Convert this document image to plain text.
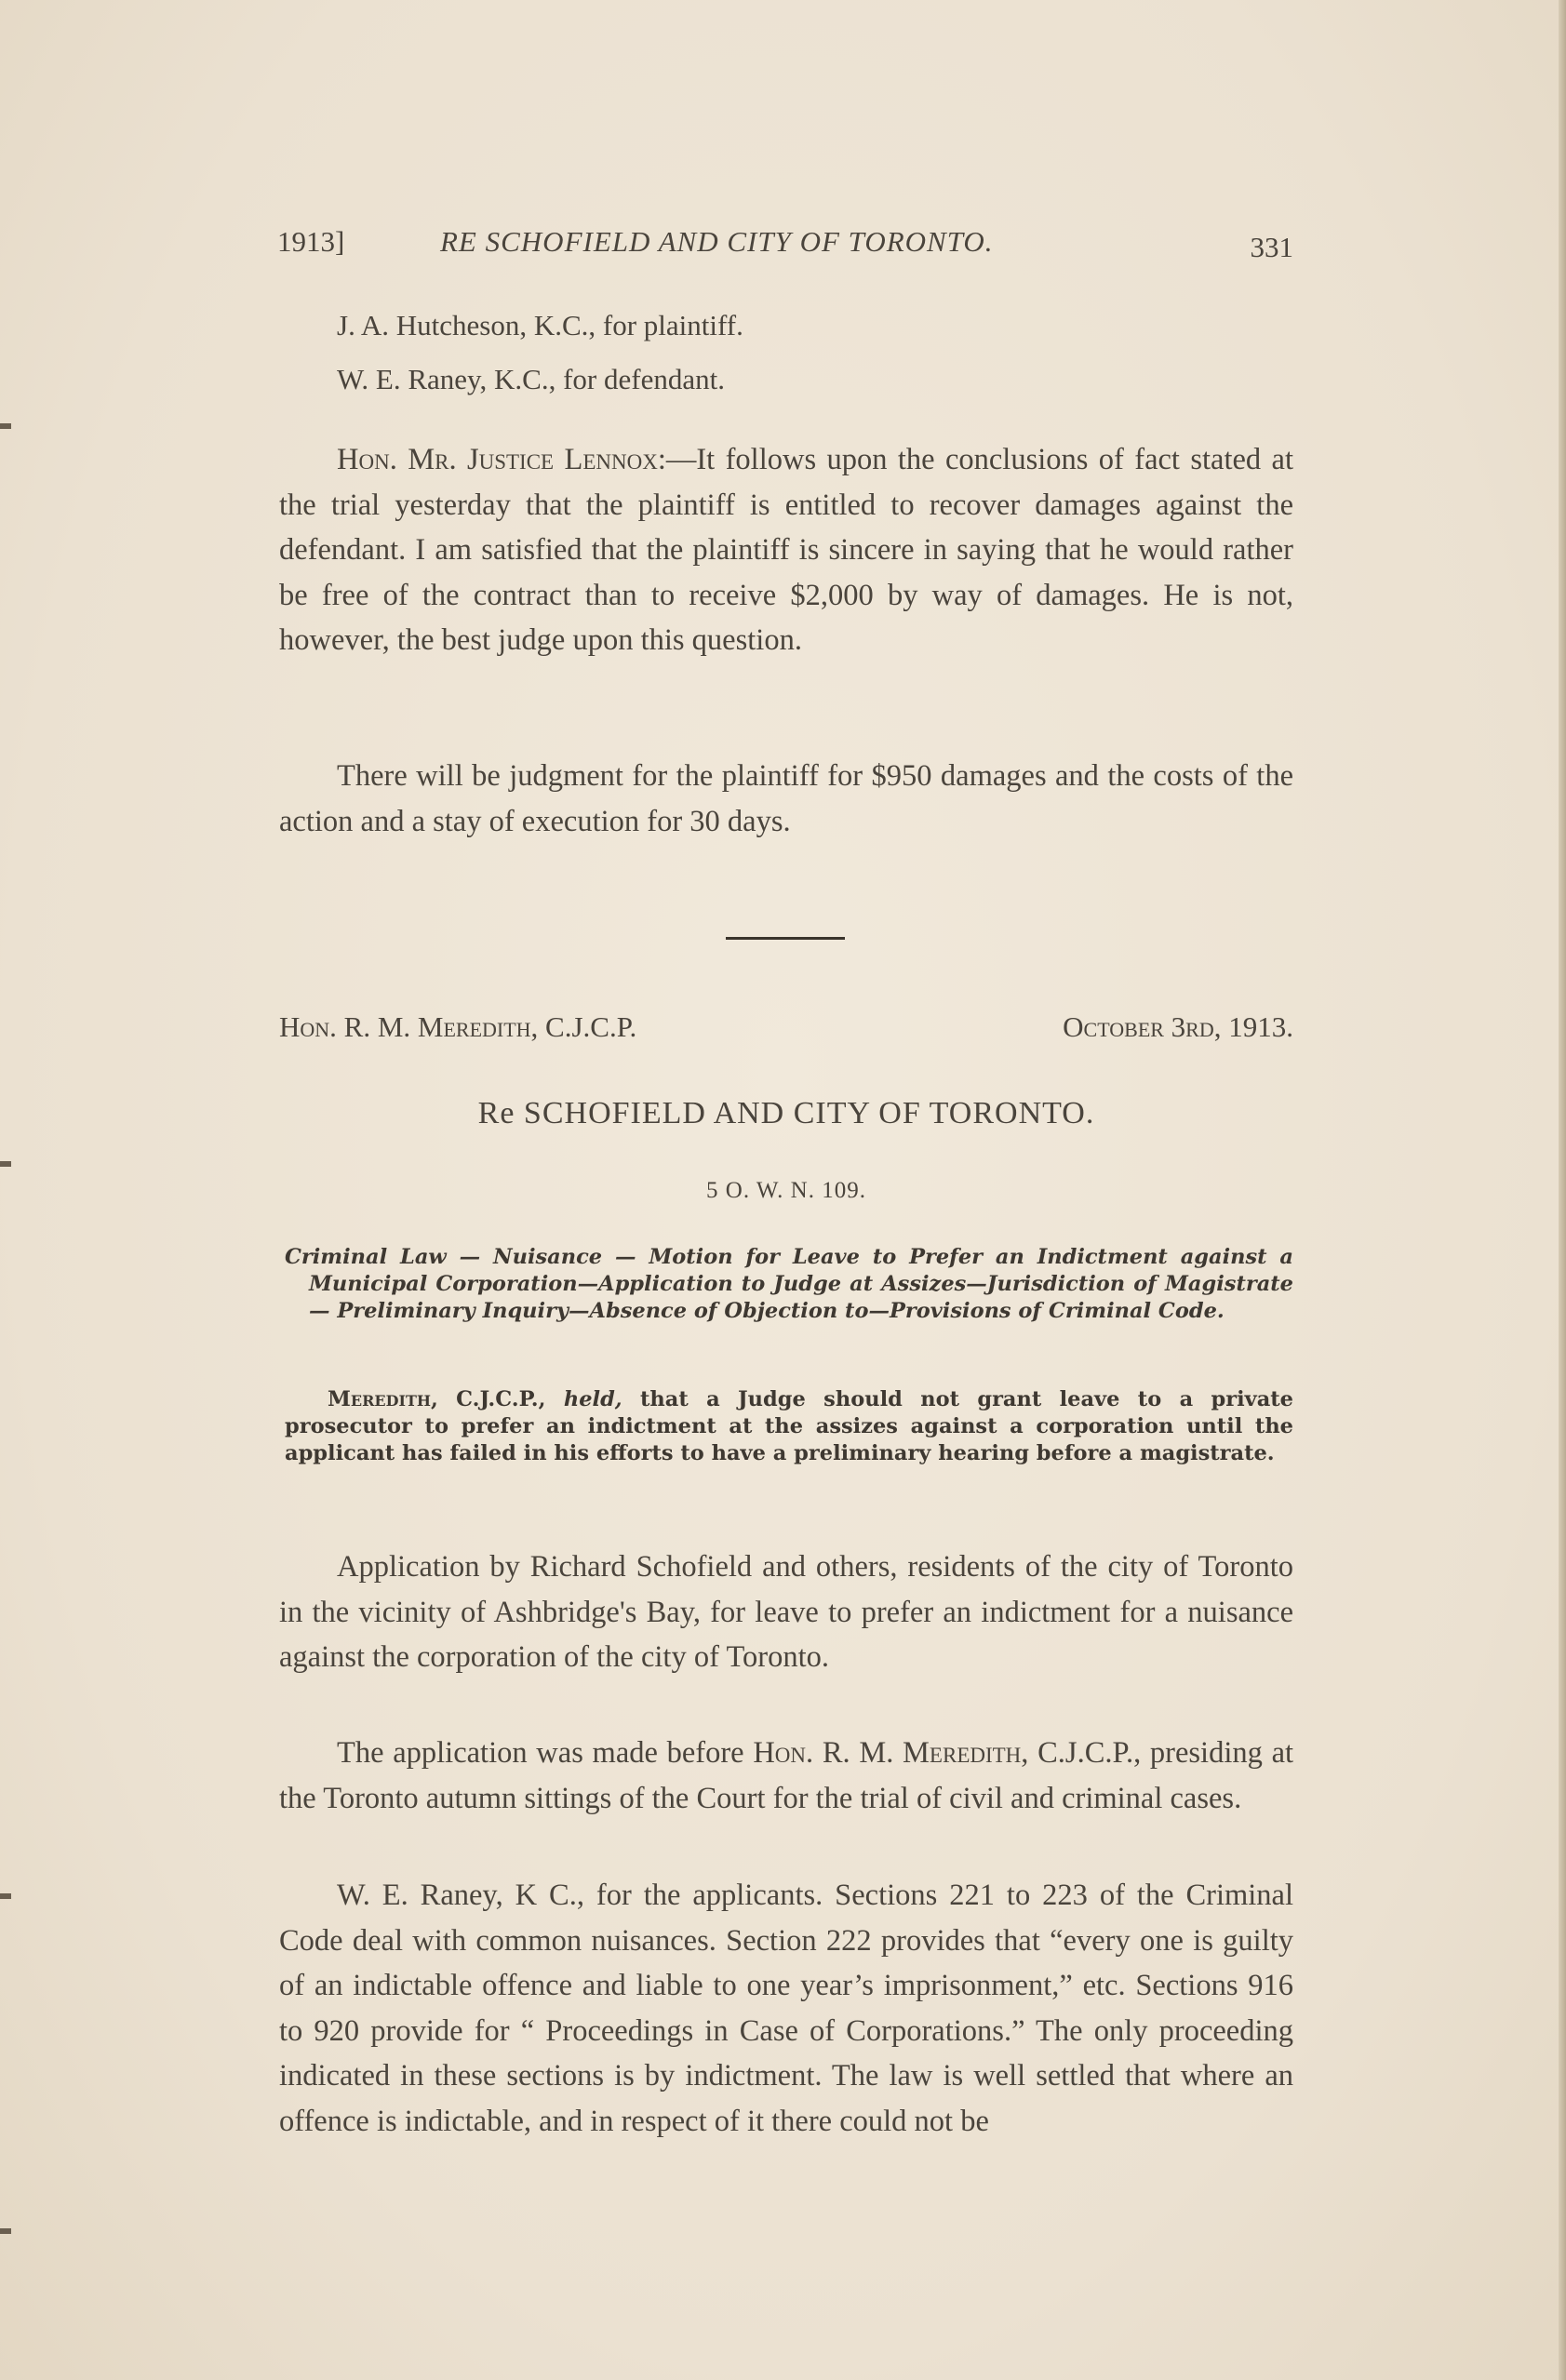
1913]	RE SCHOFIELD AND CITY OF TORONTO.	331
J. A. Hutcheson, K.C., for plaintiff.
W. E. Raney, K.C., for defendant.

Hon. Mr. Justice Lennox:—It follows upon the conclusions of fact stated at the trial yesterday that the plaintiff is entitled to recover damages against the defendant. I am satisfied that the plaintiff is sincere in saying that he would rather be free of the contract than to receive $2,000 by way of damages. He is not, however, the best judge upon this question.

There will be judgment for the plaintiff for $950 damages and the costs of the action and a stay of execution for 30 days.

Hon. R. M. Meredith, C.J.C.P.	October 3rd, 1913.
Re SCHOFIELD AND CITY OF TORONTO.
5 O. W. N. 109.

Criminal Law — Nuisance — Motion for Leave to Prefer an Indictment against a Municipal Corporation—Application to Judge at Assizes—Jurisdiction of Magistrate — Preliminary Inquiry—Absence of Objection to—Provisions of Criminal Code.

Meredith, C.J.C.P., held, that a Judge should not grant leave to a private prosecutor to prefer an indictment at the assizes against a corporation until the applicant has failed in his efforts to have a preliminary hearing before a magistrate.

Application by Richard Schofield and others, residents of the city of Toronto in the vicinity of Ashbridge's Bay, for leave to prefer an indictment for a nuisance against the corporation of the city of Toronto.

The application was made before Hon. R. M. Meredith, C.J.C.P., presiding at the Toronto autumn sittings of the Court for the trial of civil and criminal cases.

W. E. Raney, K C., for the applicants. Sections 221 to 223 of the Criminal Code deal with common nuisances. Section 222 provides that “every one is guilty of an indictable offence and liable to one year’s imprisonment,” etc. Sections 916 to 920 provide for “ Proceedings in Case of Corporations.” The only proceeding indicated in these sections is by indictment. The law is well settled that where an offence is indictable, and in respect of it there could not be
